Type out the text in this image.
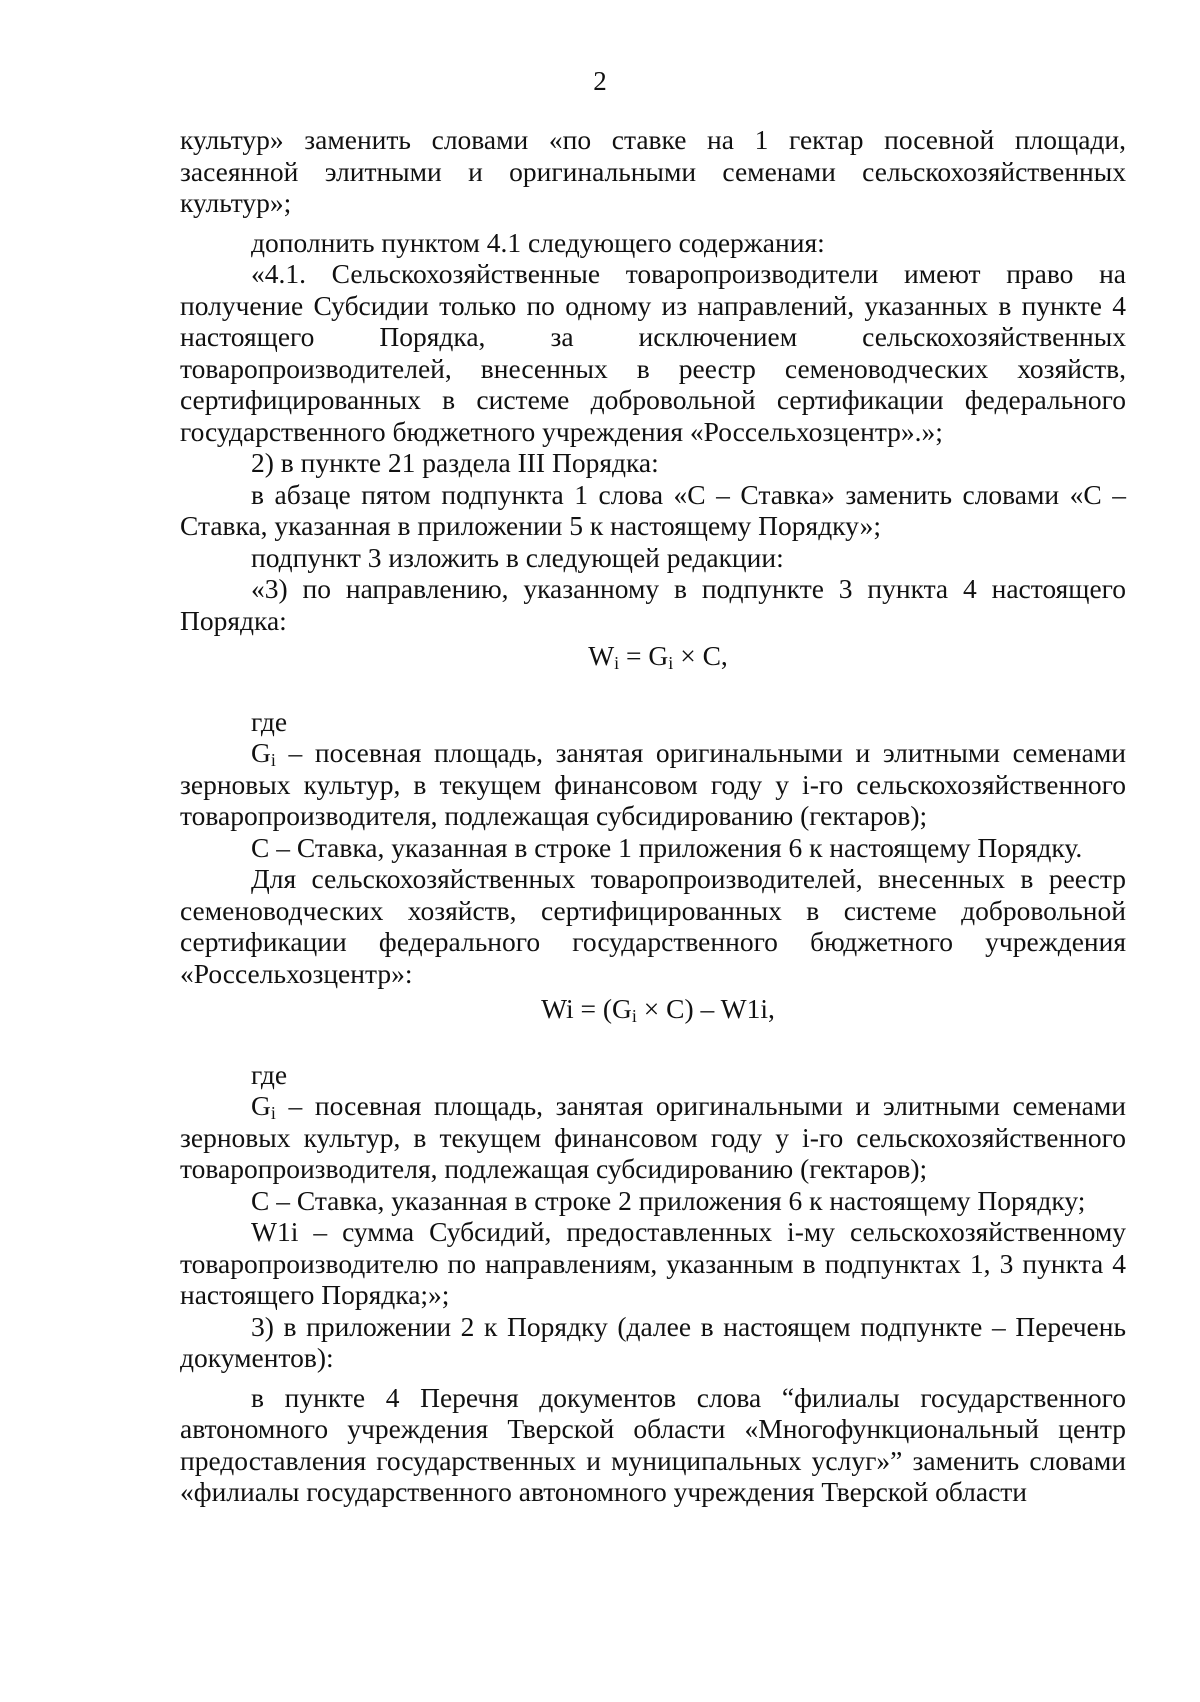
2

культур» заменить словами «по ставке на 1 гектар посевной площади, засеянной элитными и оригинальными семенами сельскохозяйственных культур»;

дополнить пунктом 4.1 следующего содержания:

«4.1. Сельскохозяйственные товаропроизводители имеют право на получение Субсидии только по одному из направлений, указанных в пункте 4 настоящего Порядка, за исключением сельскохозяйственных товаропроизводителей, внесенных в реестр семеноводческих хозяйств, сертифицированных в системе добровольной сертификации федерального государственного бюджетного учреждения «Россельхозцентр».»;

2) в пункте 21 раздела III Порядка:

в абзаце пятом подпункта 1 слова «С – Ставка» заменить словами «С – Ставка, указанная в приложении 5 к настоящему Порядку»;

подпункт 3 изложить в следующей редакции:

«3) по направлению, указанному в подпункте 3 пункта 4 настоящего Порядка:

$W_i = G_i \times C$,

где

$G_i$ – посевная площадь, занятая оригинальными и элитными семенами зерновых культур, в текущем финансовом году у i-го сельскохозяйственного товаропроизводителя, подлежащая субсидированию (гектаров);

С – Ставка, указанная в строке 1 приложения 6 к настоящему Порядку.

Для сельскохозяйственных товаропроизводителей, внесенных в реестр семеноводческих хозяйств, сертифицированных в системе добровольной сертификации федерального государственного бюджетного учреждения «Россельхозцентр»:

$Wi = (G_i \times C) - W1i$,

где

$G_i$ – посевная площадь, занятая оригинальными и элитными семенами зерновых культур, в текущем финансовом году у i-го сельскохозяйственного товаропроизводителя, подлежащая субсидированию (гектаров);

С – Ставка, указанная в строке 2 приложения 6 к настоящему Порядку;

W1i – сумма Субсидий, предоставленных i-му сельскохозяйственному товаропроизводителю по направлениям, указанным в подпунктах 1, 3 пункта 4 настоящего Порядка;»;

3) в приложении 2 к Порядку (далее в настоящем подпункте – Перечень документов):

в пункте 4 Перечня документов слова “филиалы государственного автономного учреждения Тверской области «Многофункциональный центр предоставления государственных и муниципальных услуг»” заменить словами «филиалы государственного автономного учреждения Тверской области
